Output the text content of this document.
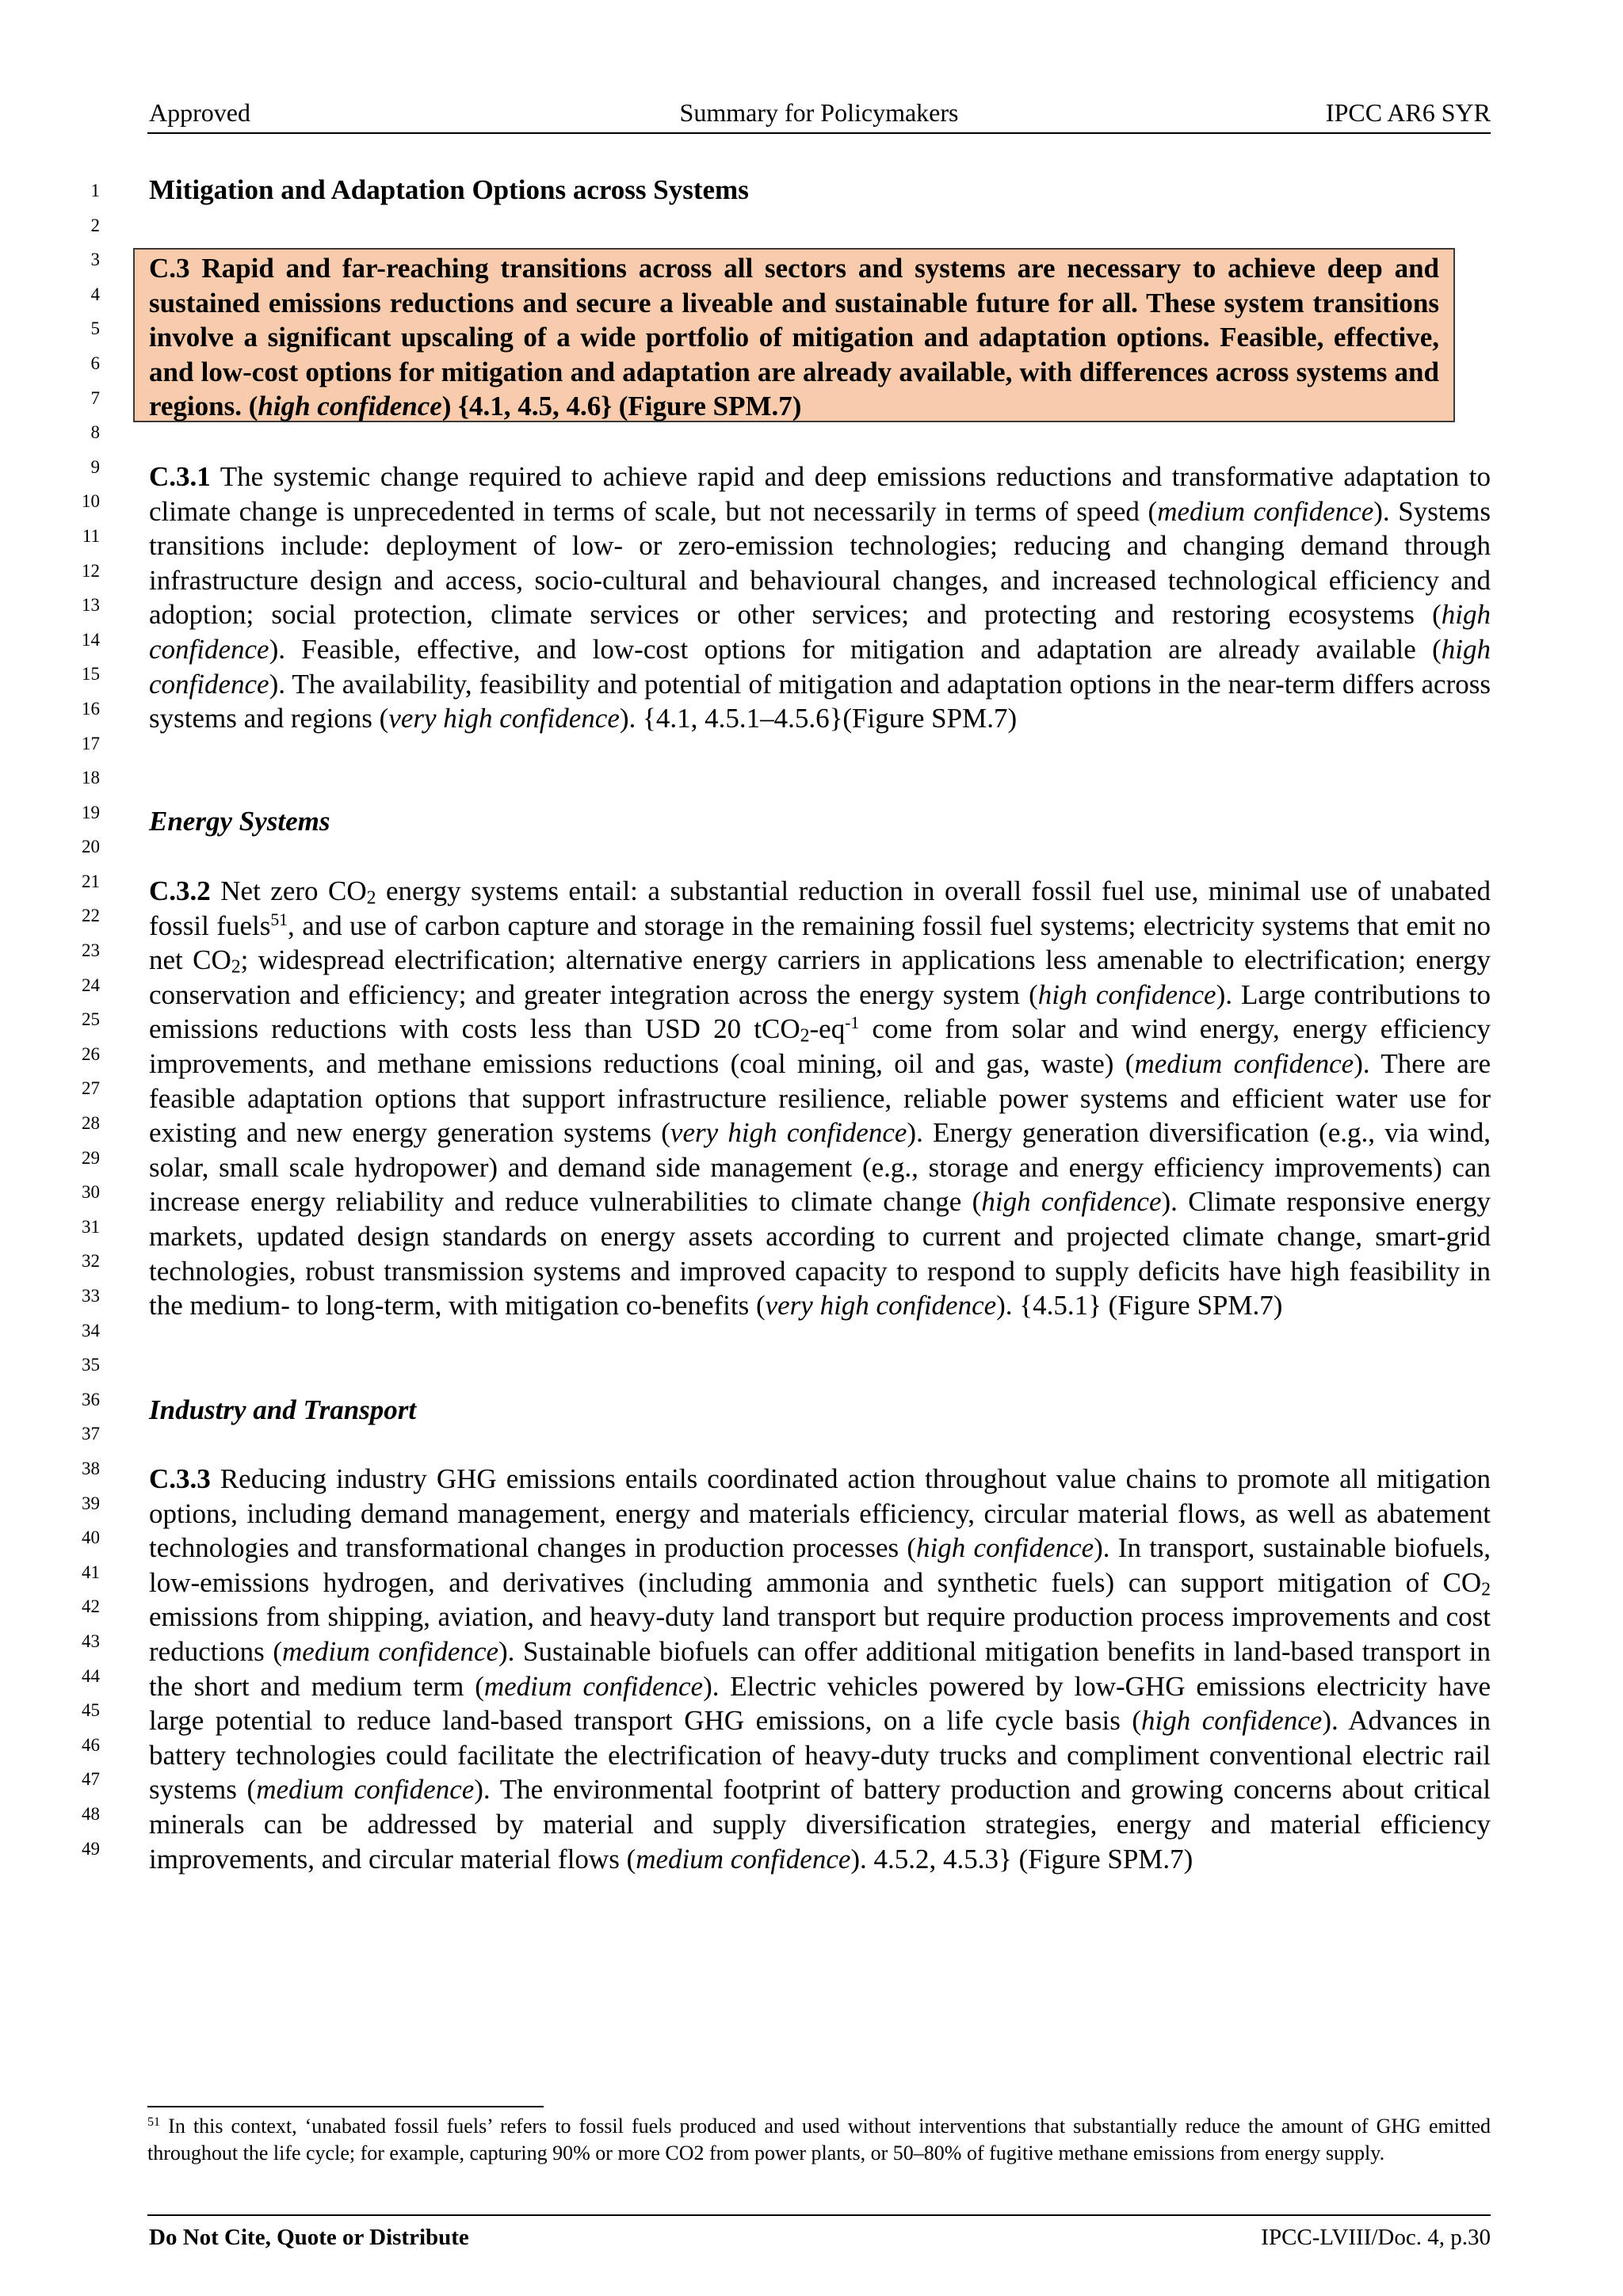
Approved	Summary for Policymakers	IPCC AR6 SYR
1
2
3
4
5
6
7
8
9
10
11
12
13
14
15
16
17
18
19
20
21
22
23
24
25
26
27
28
29
30
31
32
33
34
35
36
37
38
39
40
41
42
43
44
45
46
47
48
49
Mitigation and Adaptation Options across Systems
C.3 Rapid and far-reaching transitions across all sectors and systems are necessary to achieve deep and sustained emissions reductions and secure a liveable and sustainable future for all. These system transitions involve a significant upscaling of a wide portfolio of mitigation and adaptation options. Feasible, effective, and low-cost options for mitigation and adaptation are already available, with differences across systems and regions. (high confidence) {4.1, 4.5, 4.6} (Figure SPM.7)
C.3.1 The systemic change required to achieve rapid and deep emissions reductions and transformative adaptation to climate change is unprecedented in terms of scale, but not necessarily in terms of speed (medium confidence). Systems transitions include: deployment of low- or zero-emission technologies; reducing and changing demand through infrastructure design and access, socio-cultural and behavioural changes, and increased technological efficiency and adoption; social protection, climate services or other services; and protecting and restoring ecosystems (high confidence). Feasible, effective, and low-cost options for mitigation and adaptation are already available (high confidence). The availability, feasibility and potential of mitigation and adaptation options in the near-term differs across systems and regions (very high confidence). {4.1, 4.5.1–4.5.6}(Figure SPM.7)
Energy Systems
C.3.2 Net zero $CO_2$ energy systems entail: a substantial reduction in overall fossil fuel use, minimal use of unabated fossil fuels$^{51}$, and use of carbon capture and storage in the remaining fossil fuel systems; electricity systems that emit no net $CO_2$; widespread electrification; alternative energy carriers in applications less amenable to electrification; energy conservation and efficiency; and greater integration across the energy system (high confidence). Large contributions to emissions reductions with costs less than USD 20 $tCO_2-eq^{-1}$ come from solar and wind energy, energy efficiency improvements, and methane emissions reductions (coal mining, oil and gas, waste) (medium confidence). There are feasible adaptation options that support infrastructure resilience, reliable power systems and efficient water use for existing and new energy generation systems (very high confidence). Energy generation diversification (e.g., via wind, solar, small scale hydropower) and demand side management (e.g., storage and energy efficiency improvements) can increase energy reliability and reduce vulnerabilities to climate change (high confidence). Climate responsive energy markets, updated design standards on energy assets according to current and projected climate change, smart-grid technologies, robust transmission systems and improved capacity to respond to supply deficits have high feasibility in the medium- to long-term, with mitigation co-benefits (very high confidence). {4.5.1} (Figure SPM.7)
Industry and Transport
C.3.3 Reducing industry GHG emissions entails coordinated action throughout value chains to promote all mitigation options, including demand management, energy and materials efficiency, circular material flows, as well as abatement technologies and transformational changes in production processes (high confidence). In transport, sustainable biofuels, low-emissions hydrogen, and derivatives (including ammonia and synthetic fuels) can support mitigation of $CO_2$ emissions from shipping, aviation, and heavy-duty land transport but require production process improvements and cost reductions (medium confidence). Sustainable biofuels can offer additional mitigation benefits in land-based transport in the short and medium term (medium confidence). Electric vehicles powered by low-GHG emissions electricity have large potential to reduce land-based transport GHG emissions, on a life cycle basis (high confidence). Advances in battery technologies could facilitate the electrification of heavy-duty trucks and compliment conventional electric rail systems (medium confidence). The environmental footprint of battery production and growing concerns about critical minerals can be addressed by material and supply diversification strategies, energy and material efficiency improvements, and circular material flows (medium confidence). 4.5.2, 4.5.3} (Figure SPM.7)
$^{51}$ In this context, ‘unabated fossil fuels’ refers to fossil fuels produced and used without interventions that substantially reduce the amount of GHG emitted throughout the life cycle; for example, capturing 90% or more CO2 from power plants, or 50–80% of fugitive methane emissions from energy supply.
Do Not Cite, Quote or Distribute	IPCC-LVIII/Doc. 4, p.30
